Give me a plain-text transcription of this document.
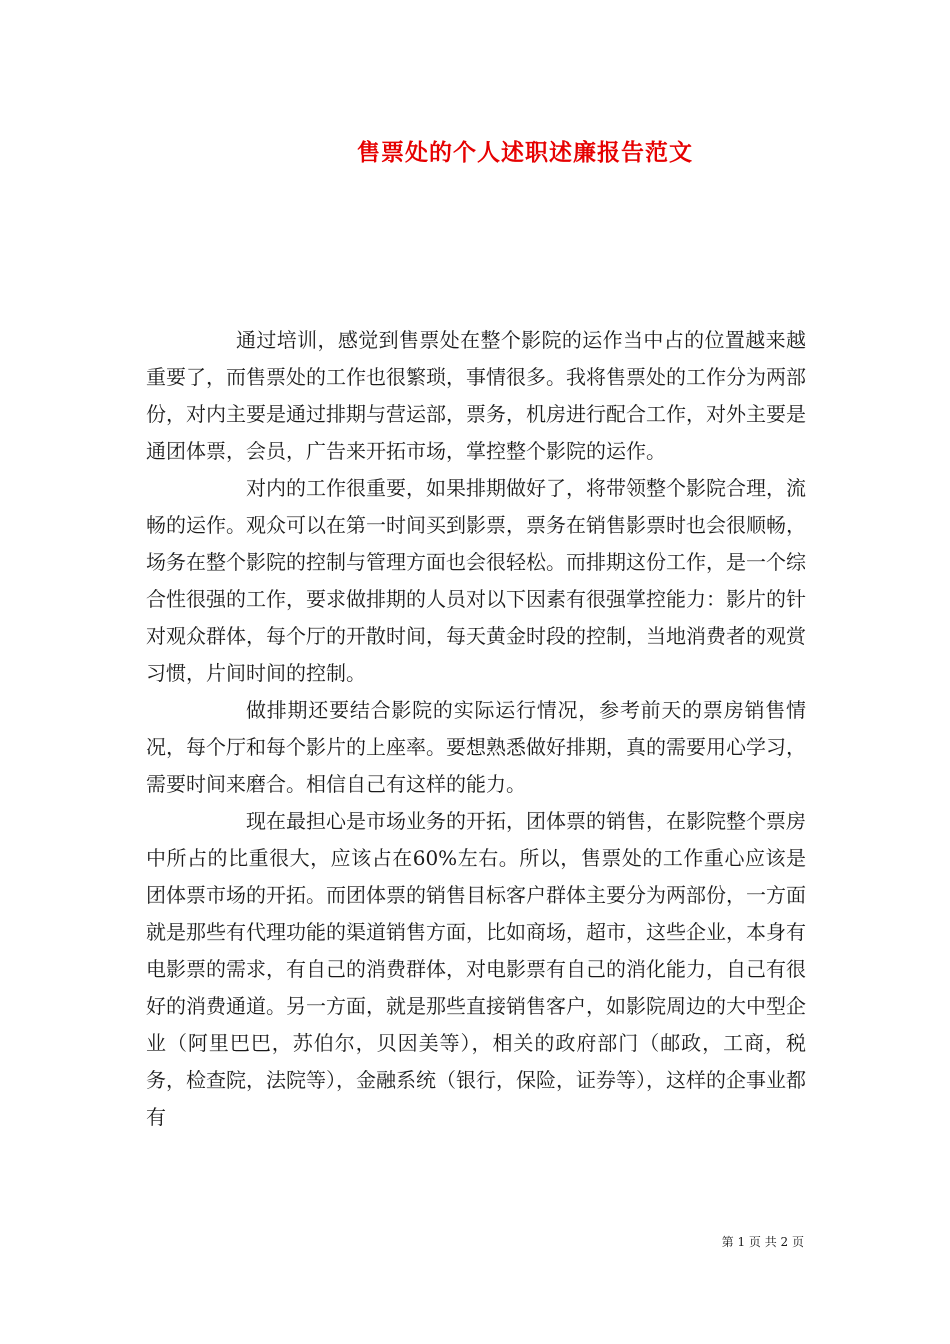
售票处的个人述职述廉报告范文

通过培训，感觉到售票处在整个影院的运作当中占的位置越来越重要了，而售票处的工作也很繁琐，事情很多。我将售票处的工作分为两部份，对内主要是通过排期与营运部，票务，机房进行配合工作，对外主要是通团体票，会员，广告来开拓市场，掌控整个影院的运作。

对内的工作很重要，如果排期做好了，将带领整个影院合理，流畅的运作。观众可以在第一时间买到影票，票务在销售影票时也会很顺畅，场务在整个影院的控制与管理方面也会很轻松。而排期这份工作，是一个综合性很强的工作，要求做排期的人员对以下因素有很强掌控能力：影片的针对观众群体，每个厅的开散时间，每天黄金时段的控制，当地消费者的观赏习惯，片间时间的控制。

做排期还要结合影院的实际运行情况，参考前天的票房销售情况，每个厅和每个影片的上座率。要想熟悉做好排期，真的需要用心学习，需要时间来磨合。相信自己有这样的能力。

现在最担心是市场业务的开拓，团体票的销售，在影院整个票房中所占的比重很大，应该占在60%左右。所以，售票处的工作重心应该是团体票市场的开拓。而团体票的销售目标客户群体主要分为两部份，一方面就是那些有代理功能的渠道销售方面，比如商场，超市，这些企业，本身有电影票的需求，有自己的消费群体，对电影票有自己的消化能力，自己有很好的消费通道。另一方面，就是那些直接销售客户，如影院周边的大中型企业（阿里巴巴，苏伯尔，贝因美等），相关的政府部门（邮政，工商，税务，检查院，法院等），金融系统（银行，保险，证券等），这样的企事业都有

第 1 页 共 2 页
